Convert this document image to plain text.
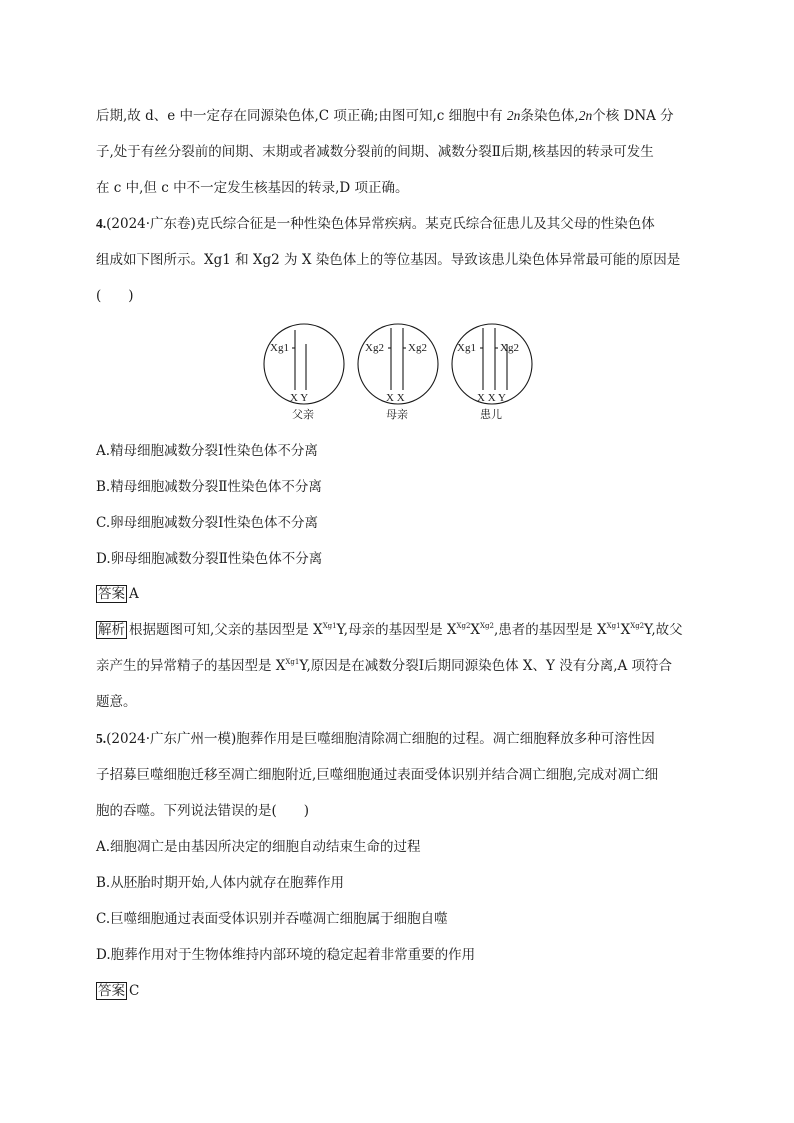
后期,故 d、e 中一定存在同源染色体,C 项正确;由图可知,c 细胞中有 2n条染色体,2n个核 DNA 分
子,处于有丝分裂前的间期、末期或者减数分裂前的间期、减数分裂Ⅱ后期,核基因的转录可发生
在 c 中,但 c 中不一定发生核基因的转录,D 项正确。
4.(2024·广东卷)克氏综合征是一种性染色体异常疾病。某克氏综合征患儿及其父母的性染色体
组成如下图所示。Xg1 和 Xg2 为 X 染色体上的等位基因。导致该患儿染色体异常最可能的原因是
(　　)
Xg1
X Y
父亲
Xg2 Xg2
X X
母亲
Xg1 Xg2
X X Y
患儿
A.精母细胞减数分裂Ⅰ性染色体不分离
B.精母细胞减数分裂Ⅱ性染色体不分离
C.卵母细胞减数分裂Ⅰ性染色体不分离
D.卵母细胞减数分裂Ⅱ性染色体不分离
答案 A
解析 根据题图可知,父亲的基因型是 $X^{Xg1}Y$,母亲的基因型是 $X^{Xg2}X^{Xg2}$,患者的基因型是 $X^{Xg1}X^{Xg2}Y$,故父
亲产生的异常精子的基因型是 $X^{Xg1}Y$,原因是在减数分裂Ⅰ后期同源染色体 X、Y 没有分离,A 项符合
题意。
5.(2024·广东广州一模)胞葬作用是巨噬细胞清除凋亡细胞的过程。凋亡细胞释放多种可溶性因
子招募巨噬细胞迁移至凋亡细胞附近,巨噬细胞通过表面受体识别并结合凋亡细胞,完成对凋亡细
胞的吞噬。下列说法错误的是(　　)
A.细胞凋亡是由基因所决定的细胞自动结束生命的过程
B.从胚胎时期开始,人体内就存在胞葬作用
C.巨噬细胞通过表面受体识别并吞噬凋亡细胞属于细胞自噬
D.胞葬作用对于生物体维持内部环境的稳定起着非常重要的作用
答案 C
